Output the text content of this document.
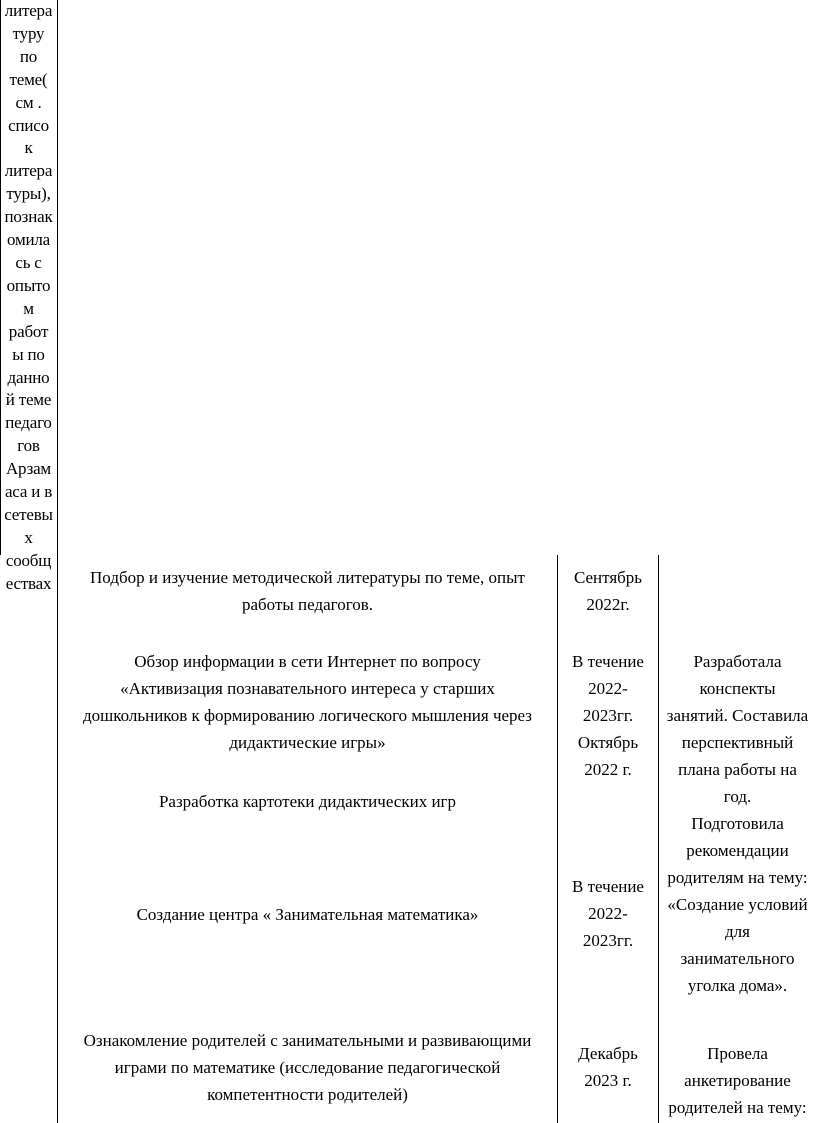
литера
туру
по
теме(
см .
списо
к
литера
туры),
познак
омила
сь с
опыто
м
работ
ы по
данно
й теме
педаго
гов
Арзам
аса и в
сетевы
х
сообщ
ествах	Подбор и изучение методической литературы по теме, опыт
работы педагогов.
Сентябрь
2022г.
Обзор информации в сети Интернет по вопросу
«Активизация познавательного интереса у старших
дошкольников к формированию логического мышления через
дидактические игры»
В течение
2022-
2023гг.
Октябрь
2022 г.
Разработка картотеки дидактических игр
Создание центра « Занимательная математика»
В течение
2022-
2023гг.
Ознакомление родителей с занимательными и развивающими
играми по математике (исследование педагогической
компетентности родителей)
Декабрь
2023 г.
Разработала
конспекты
занятий. Составила
перспективный
плана работы на
год.
Подготовила
рекомендации
родителям на тему:
«Создание условий
для
занимательного
уголка дома».
Провела
анкетирование
родителей на тему:
